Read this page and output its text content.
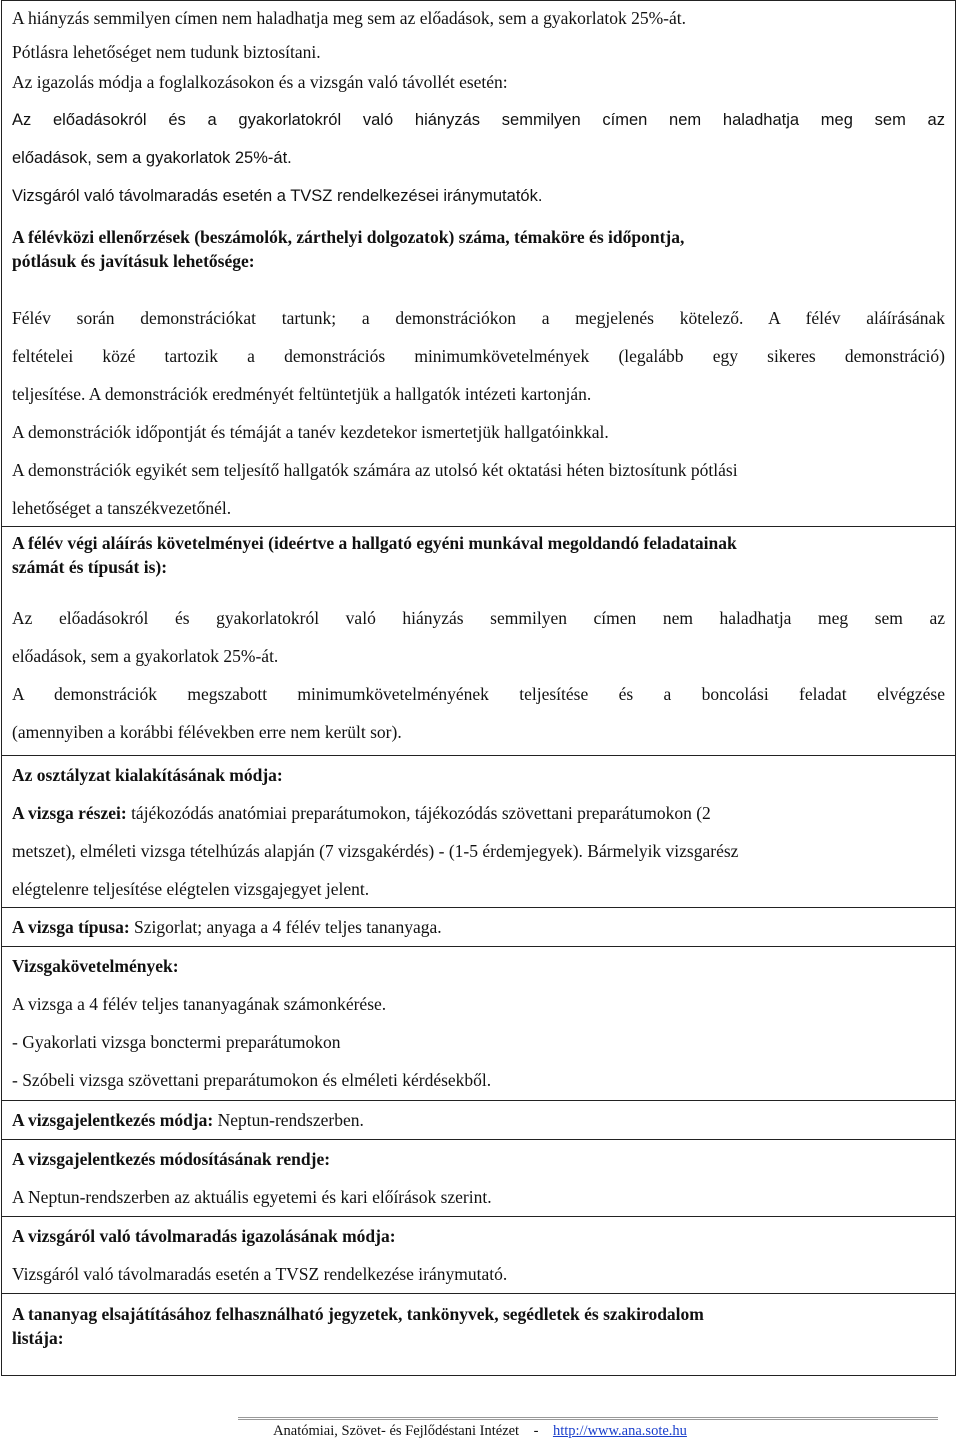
A hiányzás semmilyen címen nem haladhatja meg sem az előadások, sem a gyakorlatok 25%-át.

Pótlásra lehetőséget nem tudunk biztosítani.

Az igazolás módja a foglalkozásokon és a vizsgán való távollét esetén:

Az előadásokról és a gyakorlatokról való hiányzás semmilyen címen nem haladhatja meg sem az

előadások, sem a gyakorlatok 25%-át.

Vizsgáról való távolmaradás esetén a TVSZ rendelkezései iránymutatók.

A félévközi ellenőrzések (beszámolók, zárthelyi dolgozatok) száma, témaköre és időpontja,

pótlásuk és javításuk lehetősége:

Félév során demonstrációkat tartunk; a demonstrációkon a megjelenés kötelező. A félév aláírásának

feltételei közé tartozik a demonstrációs minimumkövetelmények (legalább egy sikeres demonstráció)

teljesítése. A demonstrációk eredményét feltüntetjük a hallgatók intézeti kartonján.

A demonstrációk időpontját és témáját a tanév kezdetekor ismertetjük hallgatóinkkal.

A demonstrációk egyikét sem teljesítő hallgatók számára az utolsó két oktatási héten biztosítunk pótlási

lehetőséget a tanszékvezetőnél.

A félév végi aláírás követelményei (ideértve a hallgató egyéni munkával megoldandó feladatainak

számát és típusát is):

Az előadásokról és gyakorlatokról való hiányzás semmilyen címen nem haladhatja meg sem az

előadások, sem a gyakorlatok 25%-át.

A demonstrációk megszabott minimumkövetelményének teljesítése és a boncolási feladat elvégzése

(amennyiben a korábbi félévekben erre nem került sor).

Az osztályzat kialakításának módja:

A vizsga részei: tájékozódás anatómiai preparátumokon, tájékozódás szövettani preparátumokon (2

metszet), elméleti vizsga tételhúzás alapján (7 vizsgakérdés) - (1-5 érdemjegyek). Bármelyik vizsgarész

elégtelenre teljesítése elégtelen vizsgajegyet jelent.

A vizsga típusa: Szigorlat; anyaga a 4 félév teljes tananyaga.

Vizsgakövetelmények:

A vizsga a 4 félév teljes tananyagának számonkérése.

- Gyakorlati vizsga bonctermi preparátumokon

- Szóbeli vizsga szövettani preparátumokon és elméleti kérdésekből.

A vizsgajelentkezés módja: Neptun-rendszerben.

A vizsgajelentkezés módosításának rendje:

A Neptun-rendszerben az aktuális egyetemi és kari előírások szerint.

A vizsgáról való távolmaradás igazolásának módja:

Vizsgáról való távolmaradás esetén a TVSZ rendelkezése iránymutató.

A tananyag elsajátításához felhasználható jegyzetek, tankönyvek, segédletek és szakirodalom

listája:

Anatómiai, Szövet- és Fejlődéstani Intézet - http://www.ana.sote.hu
